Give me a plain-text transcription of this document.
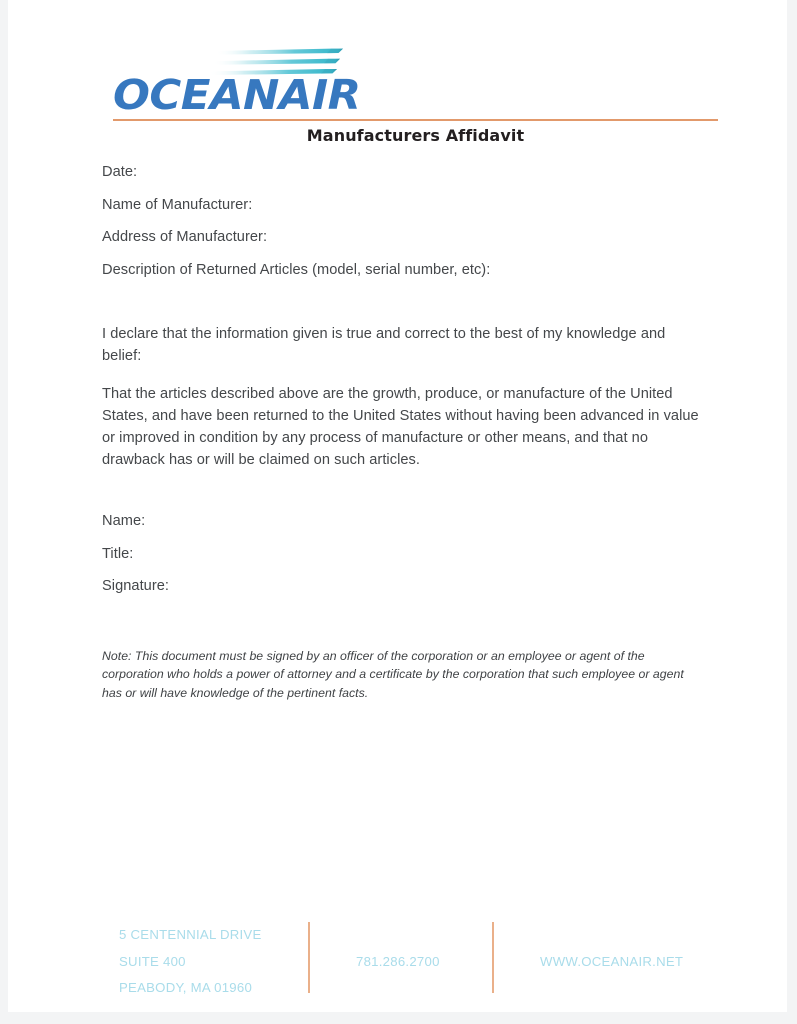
OCEANAIR
Manufacturers Affidavit
Date:
Name of Manufacturer:
Address of Manufacturer:
Description of Returned Articles (model, serial number, etc):
I declare that the information given is true and correct to the best of my knowledge and belief:
That the articles described above are the growth, produce, or manufacture of the United States, and have been returned to the United States without having been advanced in value or improved in condition by any process of manufacture or other means, and that no drawback has or will be claimed on such articles.
Name:
Title:
Signature:
Note: This document must be signed by an officer of the corporation or an employee or agent of the corporation who holds a power of attorney and a certificate by the corporation that such employee or agent has or will have knowledge of the pertinent facts.
5 CENTENNIAL DRIVE
SUITE 400
PEABODY, MA 01960
781.286.2700	WWW.OCEANAIR.NET
